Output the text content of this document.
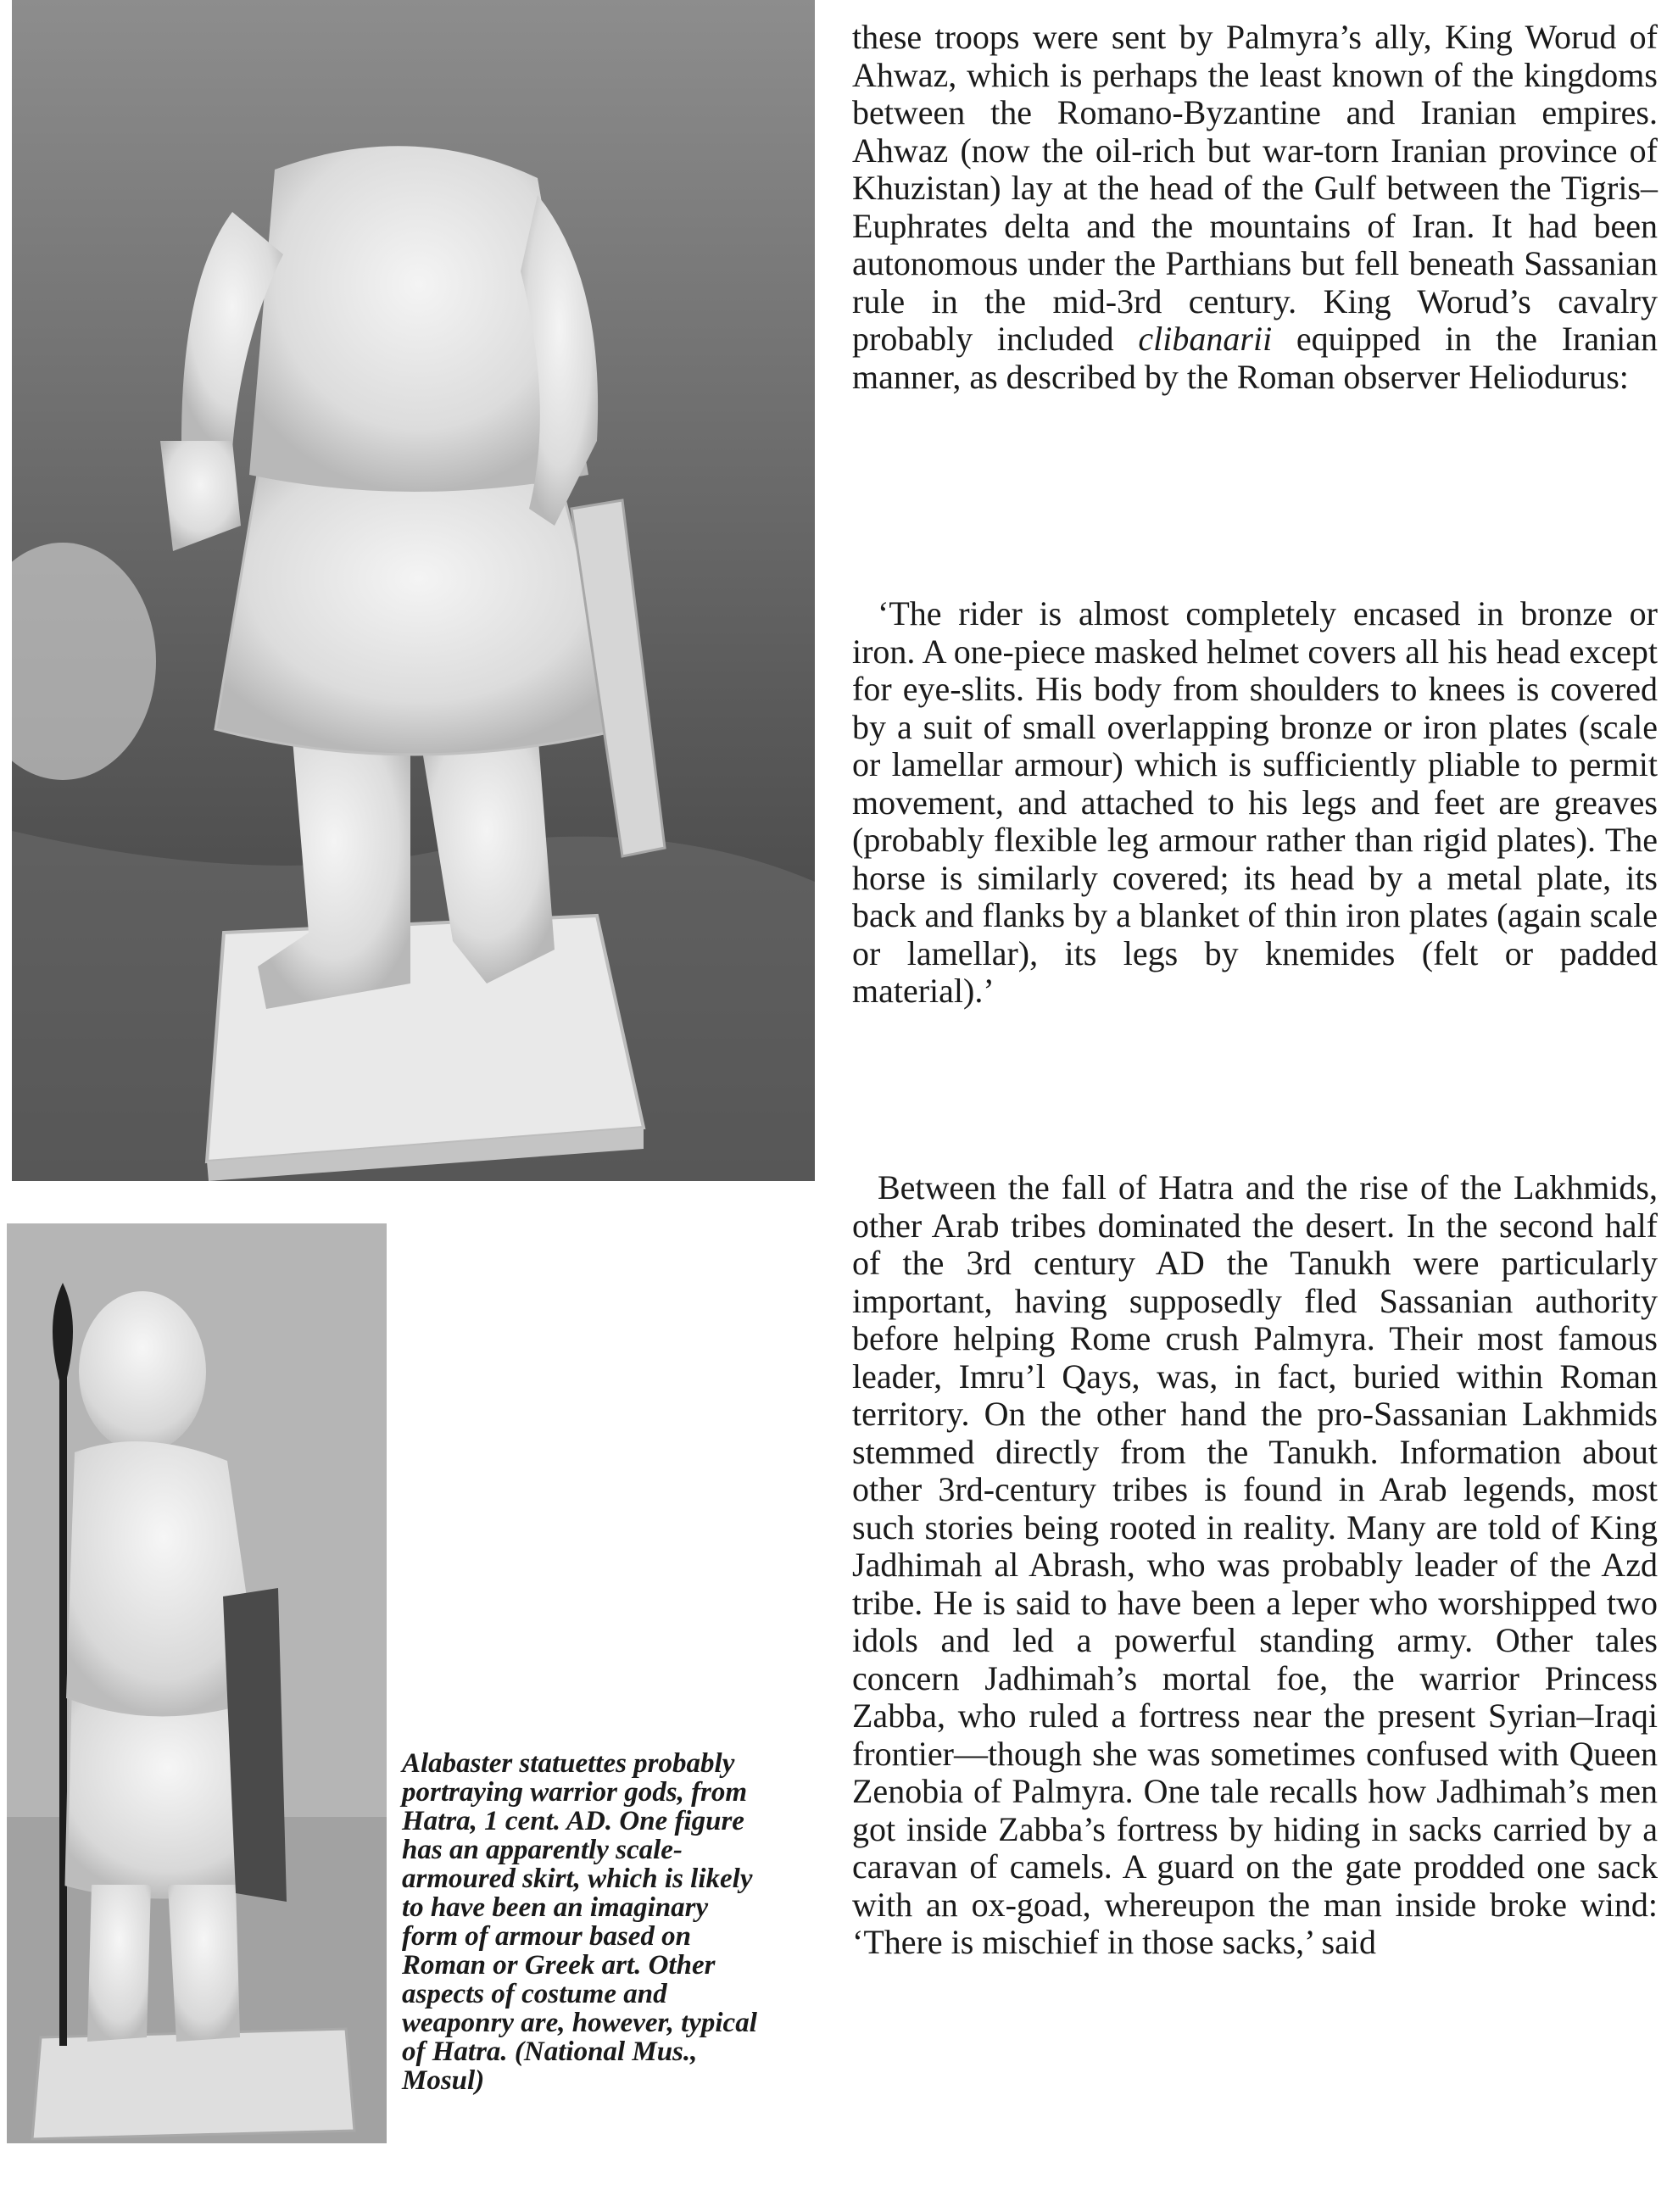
Alabaster statuettes probably portraying warrior gods, from Hatra, 1 cent. AD. One figure has an apparently scale-armoured skirt, which is likely to have been an imaginary form of armour based on Roman or Greek art. Other aspects of costume and weaponry are, however, typical of Hatra. (National Mus., Mosul)

these troops were sent by Palmyra’s ally, King Worud of Ahwaz, which is perhaps the least known of the kingdoms between the Romano-Byzantine and Iranian empires. Ahwaz (now the oil-rich but war-torn Iranian province of Khuzistan) lay at the head of the Gulf between the Tigris–Euphrates delta and the mountains of Iran. It had been autonomous under the Parthians but fell beneath Sassanian rule in the mid-3rd century. King Worud’s cavalry probably included clibanarii equipped in the Iranian manner, as described by the Roman observer Heliodurus:

‘The rider is almost completely encased in bronze or iron. A one-piece masked helmet covers all his head except for eye-slits. His body from shoulders to knees is covered by a suit of small overlapping bronze or iron plates (scale or lamellar armour) which is sufficiently pliable to permit movement, and attached to his legs and feet are greaves (probably flexible leg armour rather than rigid plates). The horse is similarly covered; its head by a metal plate, its back and flanks by a blanket of thin iron plates (again scale or lamellar), its legs by knemides (felt or padded material).’

Between the fall of Hatra and the rise of the Lakhmids, other Arab tribes dominated the desert. In the second half of the 3rd century AD the Tanukh were particularly important, having supposedly fled Sassanian authority before helping Rome crush Palmyra. Their most famous leader, Imru’l Qays, was, in fact, buried within Roman territory. On the other hand the pro-Sassanian Lakhmids stemmed directly from the Tanukh. Information about other 3rd-century tribes is found in Arab legends, most such stories being rooted in reality. Many are told of King Jadhimah al Abrash, who was probably leader of the Azd tribe. He is said to have been a leper who worshipped two idols and led a powerful standing army. Other tales concern Jadhimah’s mortal foe, the warrior Princess Zabba, who ruled a fortress near the present Syrian–Iraqi frontier—though she was sometimes confused with Queen Zenobia of Palmyra. One tale recalls how Jadhimah’s men got inside Zabba’s fortress by hiding in sacks carried by a caravan of camels. A guard on the gate prodded one sack with an ox-goad, whereupon the man inside broke wind: ‘There is mischief in those sacks,’ said
